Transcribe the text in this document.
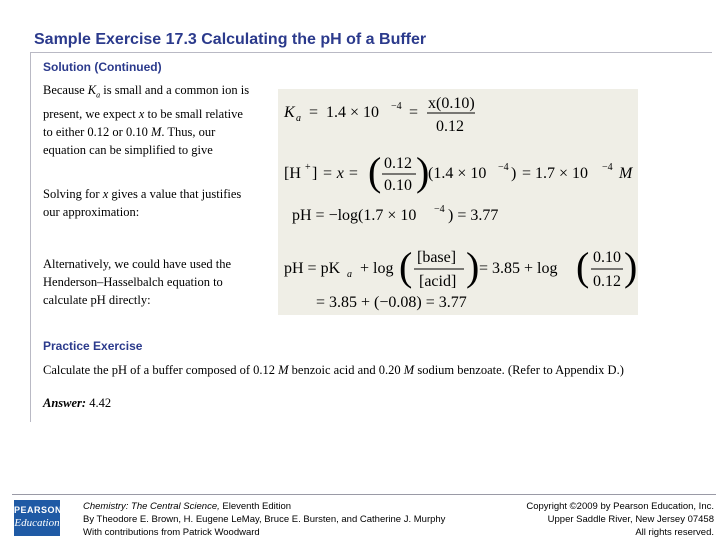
Sample Exercise 17.3 Calculating the pH of a Buffer
Solution (Continued)
Because $K_a$ is small and a common ion is present, we expect x to be small relative to either 0.12 or 0.10 M. Thus, our equation can be simplified to give
Solving for x gives a value that justifies our approximation:
Alternatively, we could have used the Henderson–Hasselbalch equation to calculate pH directly:
K a = 1.4 × 10 −4 =
x(0.10)
0.12
[H + ] = x = ( 0.12
0.10 )
(1.4 × 10 −4 ) = 1.7 × 10 −4 M
pH = −log(1.7 × 10 −4 ) = 3.77
pH = pK a + log ( [base]
[acid] ) = 3.85 + log ( 0.10
0.12 )
= 3.85 + (−0.08) = 3.77
Practice Exercise
Calculate the pH of a buffer composed of 0.12 M benzoic acid and 0.20 M sodium benzoate. (Refer to Appendix D.)
Answer: 4.42
PEARSON
Education
Chemistry: The Central Science, Eleventh Edition
By Theodore E. Brown, H. Eugene LeMay, Bruce E. Bursten, and Catherine J. Murphy
With contributions from Patrick Woodward
Copyright ©2009 by Pearson Education, Inc.
Upper Saddle River, New Jersey 07458
All rights reserved.
